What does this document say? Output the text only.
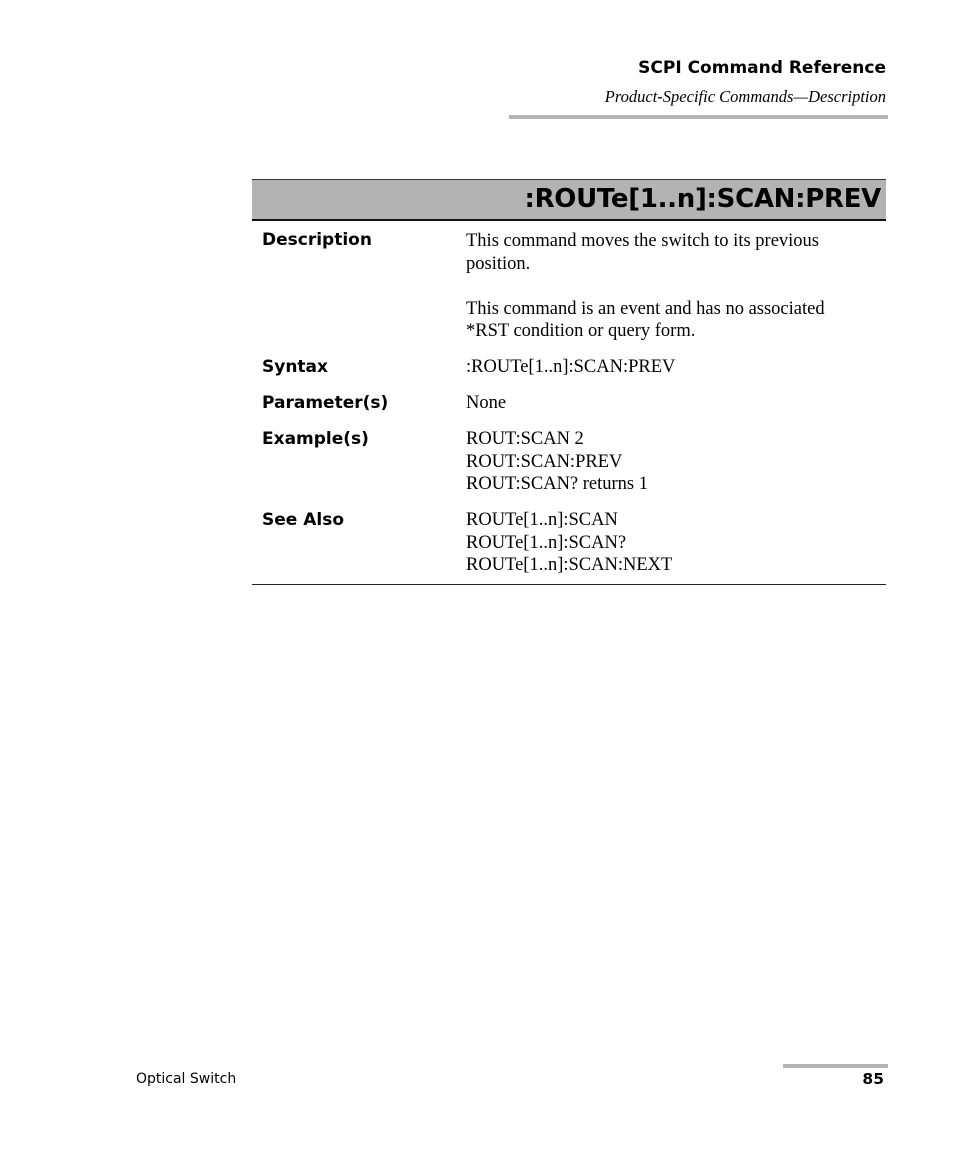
SCPI Command Reference
Product-Specific Commands—Description
:ROUTe[1..n]:SCAN:PREV
Description	This command moves the switch to its previous
position.
This command is an event and has no associated
*RST condition or query form.
Syntax	:ROUTe[1..n]:SCAN:PREV
Parameter(s)	None
Example(s)	ROUT:SCAN 2
ROUT:SCAN:PREV
ROUT:SCAN? returns 1
See Also	ROUTe[1..n]:SCAN
ROUTe[1..n]:SCAN?
ROUTe[1..n]:SCAN:NEXT
Optical Switch	85
